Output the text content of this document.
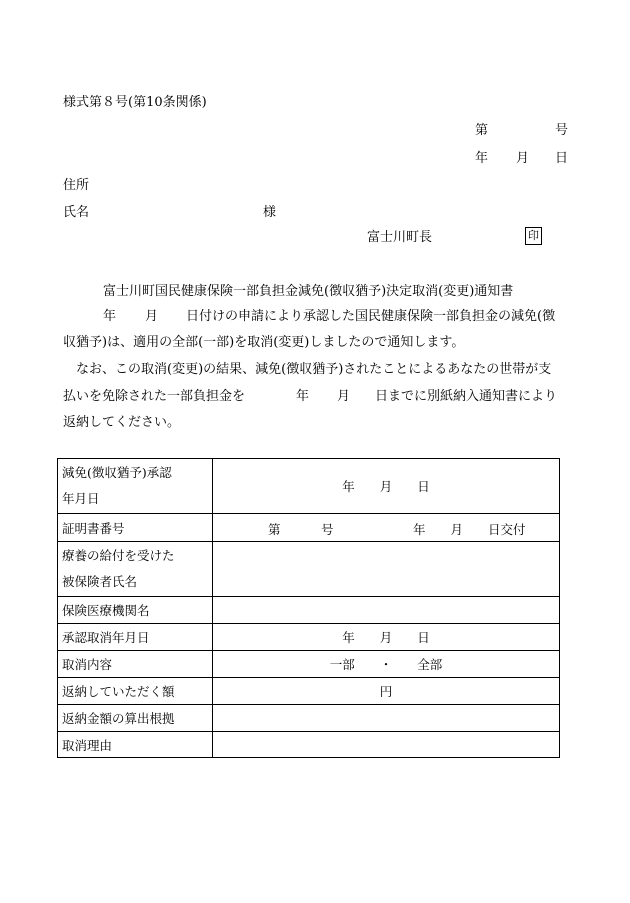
様式第８号(第10条関係)
第	号
年 月 日
住所
氏名	様
富士川町長	印
富士川町国民健康保険一部負担金減免(徴収猶予)決定取消(変更)通知書
年 月 日付けの申請により承認した国民健康保険一部負担金の減免(徴
収猶予)は、適用の全部(一部)を取消(変更)しましたので通知します。
なお、この取消(変更)の結果、減免(徴収猶予)されたことによるあなたの世帯が支
払いを免除された一部負担金を	年 月 日までに別紙納入通知書により
返納してください。
減免(徴収猶予)承認
年月日	年　　月　　日
証明書番号	第 号 年　　月　　日交付

療養の給付を受けた
被保険者氏名	

保険医療機関名	
承認取消年月日	年　　月　　日
取消内容	一部　　・　　全部
返納していただく額	円
返納金額の算出根拠	
取消理由	
